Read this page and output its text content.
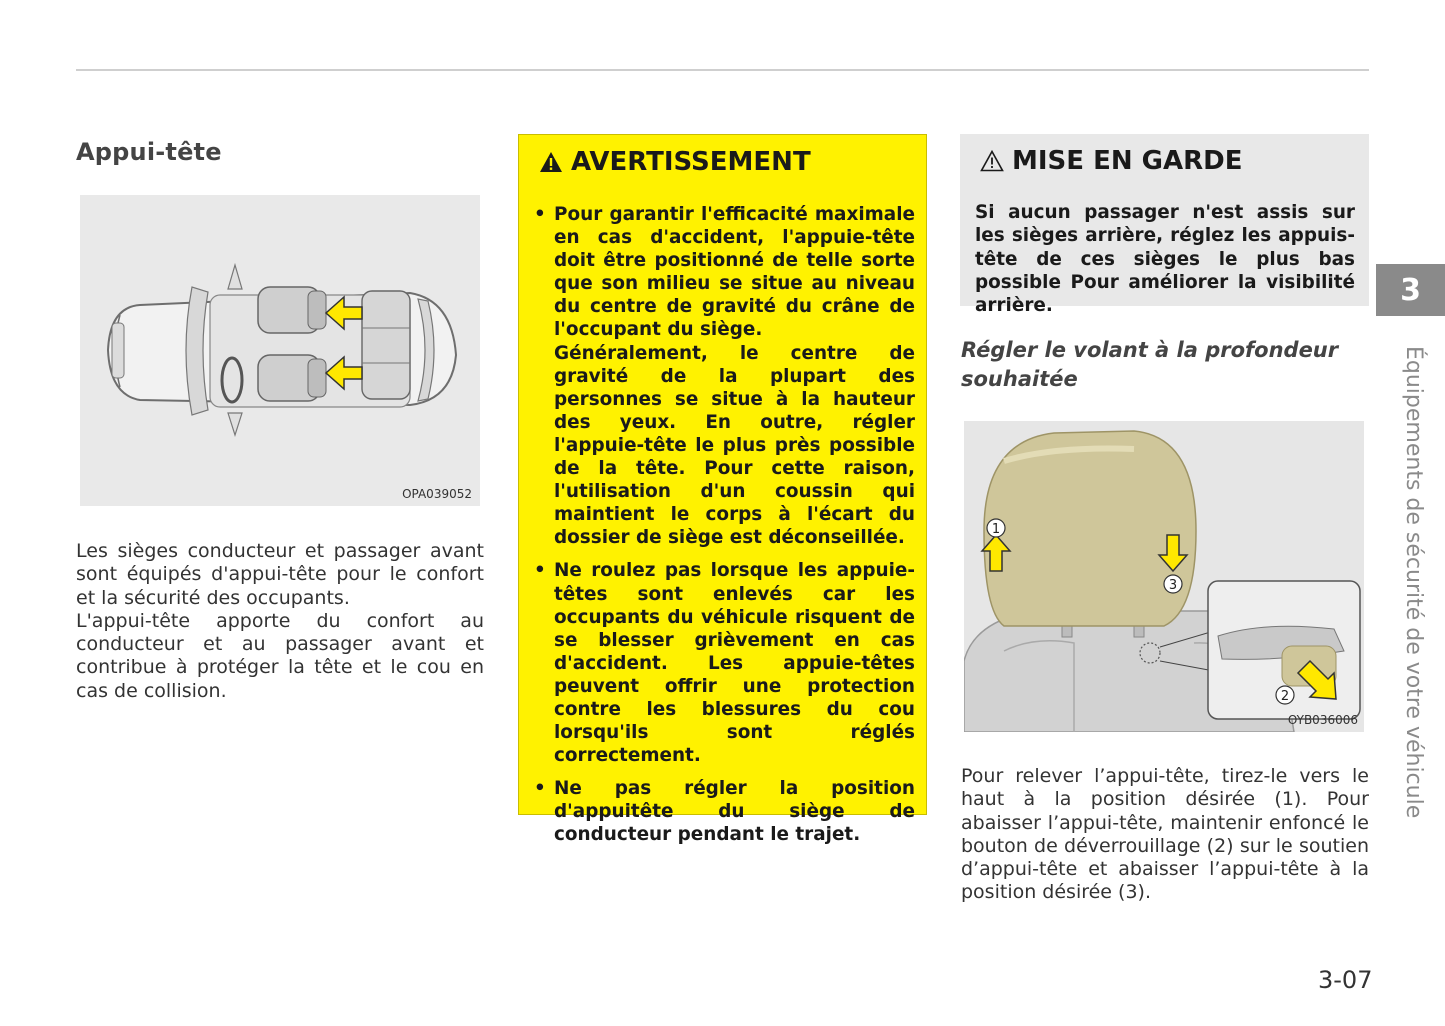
Appui-tête
OPA039052

Les sièges conducteur et passager avant sont équipés d'appui-tête pour le confort et la sécurité des occupants.

L'appui-tête apporte du confort au conducteur et au passager avant et contribue à protéger la tête et le cou en cas de collision.

AVERTISSEMENT
• Pour garantir l'efficacité maximale en cas d'accident, l'appuie-tête doit être positionné de telle sorte que son milieu se situe au niveau du centre de gravité du crâne de l'occupant du siège.
Généralement, le centre de gravité de la plupart des personnes se situe à la hauteur des yeux. En outre, régler l'appuie-tête le plus près possible de la tête. Pour cette raison, l'utilisation d'un coussin qui maintient le corps à l'écart du dossier de siège est déconseillée.
• Ne roulez pas lorsque les appuie-têtes sont enlevés car les occupants du véhicule risquent de se blesser grièvement en cas d'accident. Les appuie-têtes peuvent offrir une protection contre les blessures du cou lorsqu'ils sont réglés correctement.
• Ne pas régler la position d'appuitête du siège de conducteur pendant le trajet.
MISE EN GARDE

Si aucun passager n'est assis sur les sièges arrière, réglez les appuis-tête de ces sièges le plus bas possible Pour améliorer la visibilité arrière.

Régler le volant à la profondeur souhaitée
1
3
2
OYB036006

Pour relever l’appui-tête, tirez-le vers le haut à la position désirée (1). Pour abaisser l’appui-tête, maintenir enfoncé le bouton de déverrouillage (2) sur le soutien d’appui-tête et abaisser l’appui-tête à la position désirée (3).

3
Équipements de sécurité de votre véhicule
3-07
